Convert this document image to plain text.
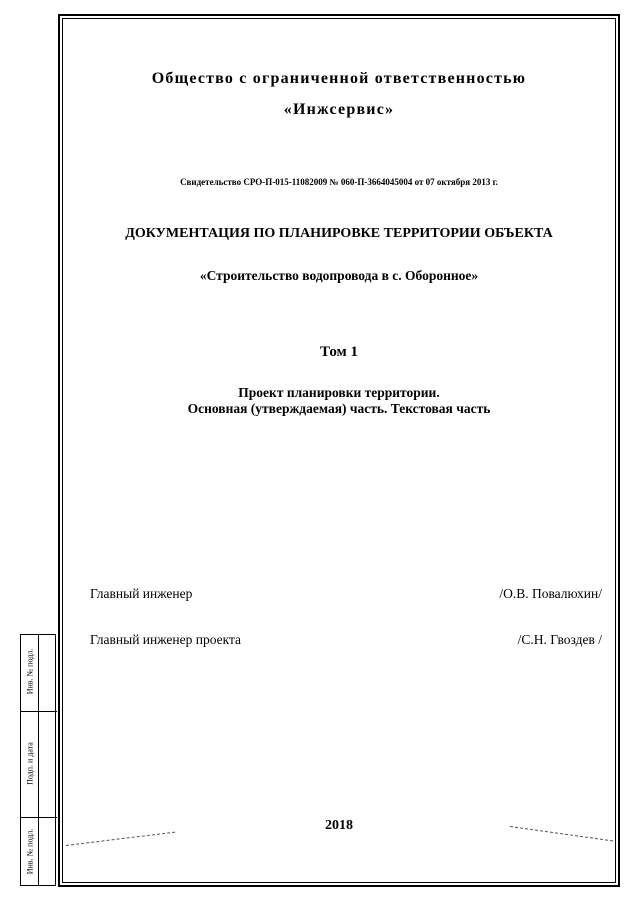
Общество с ограниченной ответственностью
«Инжсервис»
Свидетельство СРО-П-015-11082009 № 060-П-3664045004 от 07 октября 2013 г.
ДОКУМЕНТАЦИЯ ПО ПЛАНИРОВКЕ ТЕРРИТОРИИ ОБЪЕКТА
«Строительство водопровода в с. Оборонное»
Том 1
Проект планировки территории.
Основная (утверждаемая) часть. Текстовая часть
Главный инженер	/О.В. Повалюхин/
Главный инженер проекта	/С.Н. Гвоздев /
2018
Инв. № подл.
Подп. и дата
Инв. № подл.
